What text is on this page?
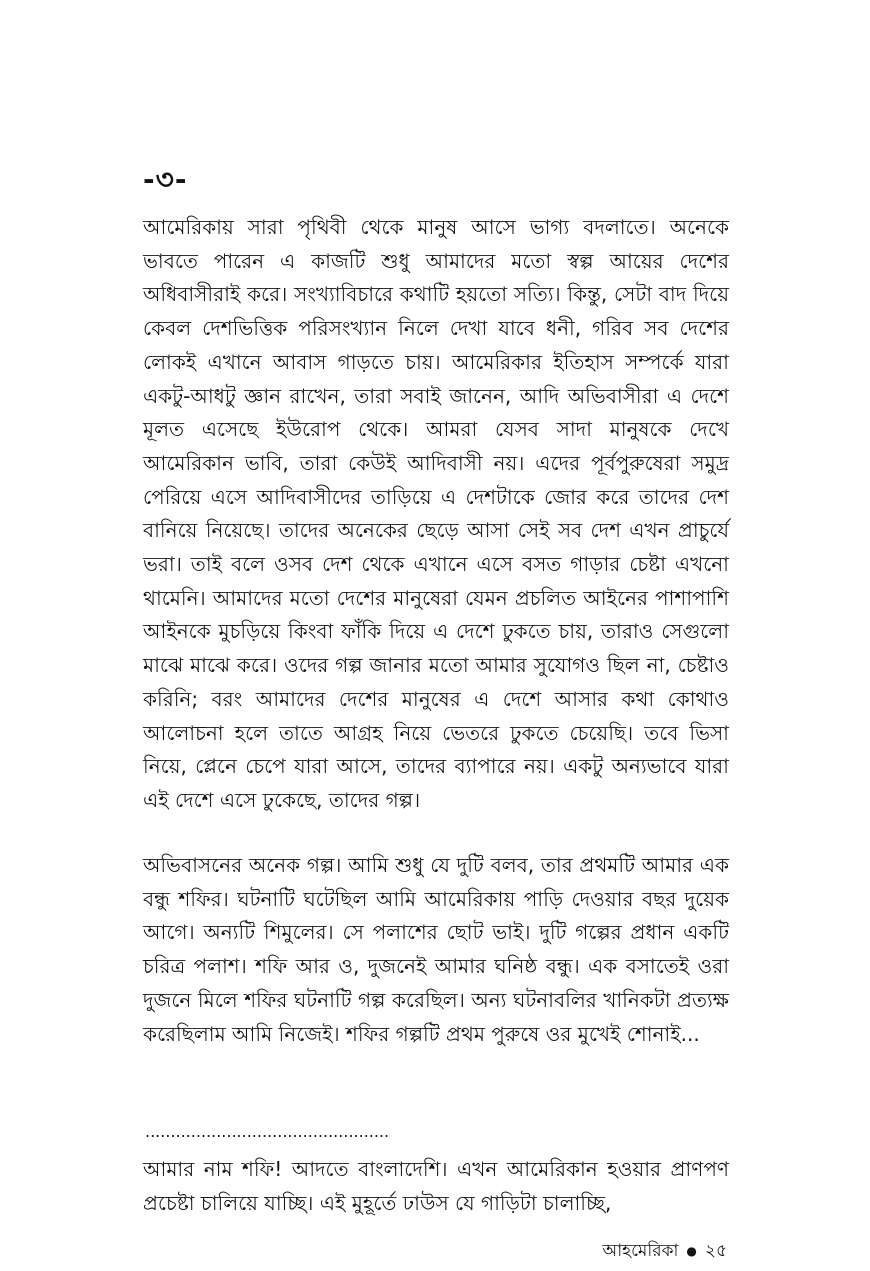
-৩-

আমেরিকায় সারা পৃথিবী থেকে মানুষ আসে ভাগ্য বদলাতে। অনেকে ভাবতে পারেন এ কাজটি শুধু আমাদের মতো স্বল্প আয়ের দেশের অধিবাসীরাই করে। সংখ্যাবিচারে কথাটি হয়তো সত্যি। কিন্তু, সেটা বাদ দিয়ে কেবল দেশভিত্তিক পরিসংখ্যান নিলে দেখা যাবে ধনী, গরিব সব দেশের লোকই এখানে আবাস গাড়তে চায়। আমেরিকার ইতিহাস সম্পর্কে যারা একটু-আধটু জ্ঞান রাখেন, তারা সবাই জানেন, আদি অভিবাসীরা এ দেশে মূলত এসেছে ইউরোপ থেকে। আমরা যেসব সাদা মানুষকে দেখে আমেরিকান ভাবি, তারা কেউই আদিবাসী নয়। এদের পূর্বপুরুষেরা সমুদ্র পেরিয়ে এসে আদিবাসীদের তাড়িয়ে এ দেশটাকে জোর করে তাদের দেশ বানিয়ে নিয়েছে। তাদের অনেকের ছেড়ে আসা সেই সব দেশ এখন প্রাচুর্যে ভরা। তাই বলে ওসব দেশ থেকে এখানে এসে বসত গাড়ার চেষ্টা এখনো থামেনি। আমাদের মতো দেশের মানুষেরা যেমন প্রচলিত আইনের পাশাপাশি আইনকে মুচড়িয়ে কিংবা ফাঁকি দিয়ে এ দেশে ঢুকতে চায়, তারাও সেগুলো মাঝে মাঝে করে। ওদের গল্প জানার মতো আমার সুযোগও ছিল না, চেষ্টাও করিনি; বরং আমাদের দেশের মানুষের এ দেশে আসার কথা কোথাও আলোচনা হলে তাতে আগ্রহ নিয়ে ভেতরে ঢুকতে চেয়েছি। তবে ভিসা নিয়ে, প্লেনে চেপে যারা আসে, তাদের ব্যাপারে নয়। একটু অন্যভাবে যারা এই দেশে এসে ঢুকেছে, তাদের গল্প।

অভিবাসনের অনেক গল্প। আমি শুধু যে দুটি বলব, তার প্রথমটি আমার এক বন্ধু শফির। ঘটনাটি ঘটেছিল আমি আমেরিকায় পাড়ি দেওয়ার বছর দুয়েক আগে। অন্যটি শিমুলের। সে পলাশের ছোট ভাই। দুটি গল্পের প্রধান একটি চরিত্র পলাশ। শফি আর ও, দুজনেই আমার ঘনিষ্ঠ বন্ধু। এক বসাতেই ওরা দুজনে মিলে শফির ঘটনাটি গল্প করেছিল। অন্য ঘটনাবলির খানিকটা প্রত্যক্ষ করেছিলাম আমি নিজেই। শফির গল্পটি প্রথম পুরুষে ওর মুখেই শোনাই...

................................................

আমার নাম শফি! আদতে বাংলাদেশি। এখন আমেরিকান হওয়ার প্রাণপণ প্রচেষ্টা চালিয়ে যাচ্ছি। এই মুহূর্তে ঢাউস যে গাড়িটা চালাচ্ছি,

আহমেরিকা ● ২৫
